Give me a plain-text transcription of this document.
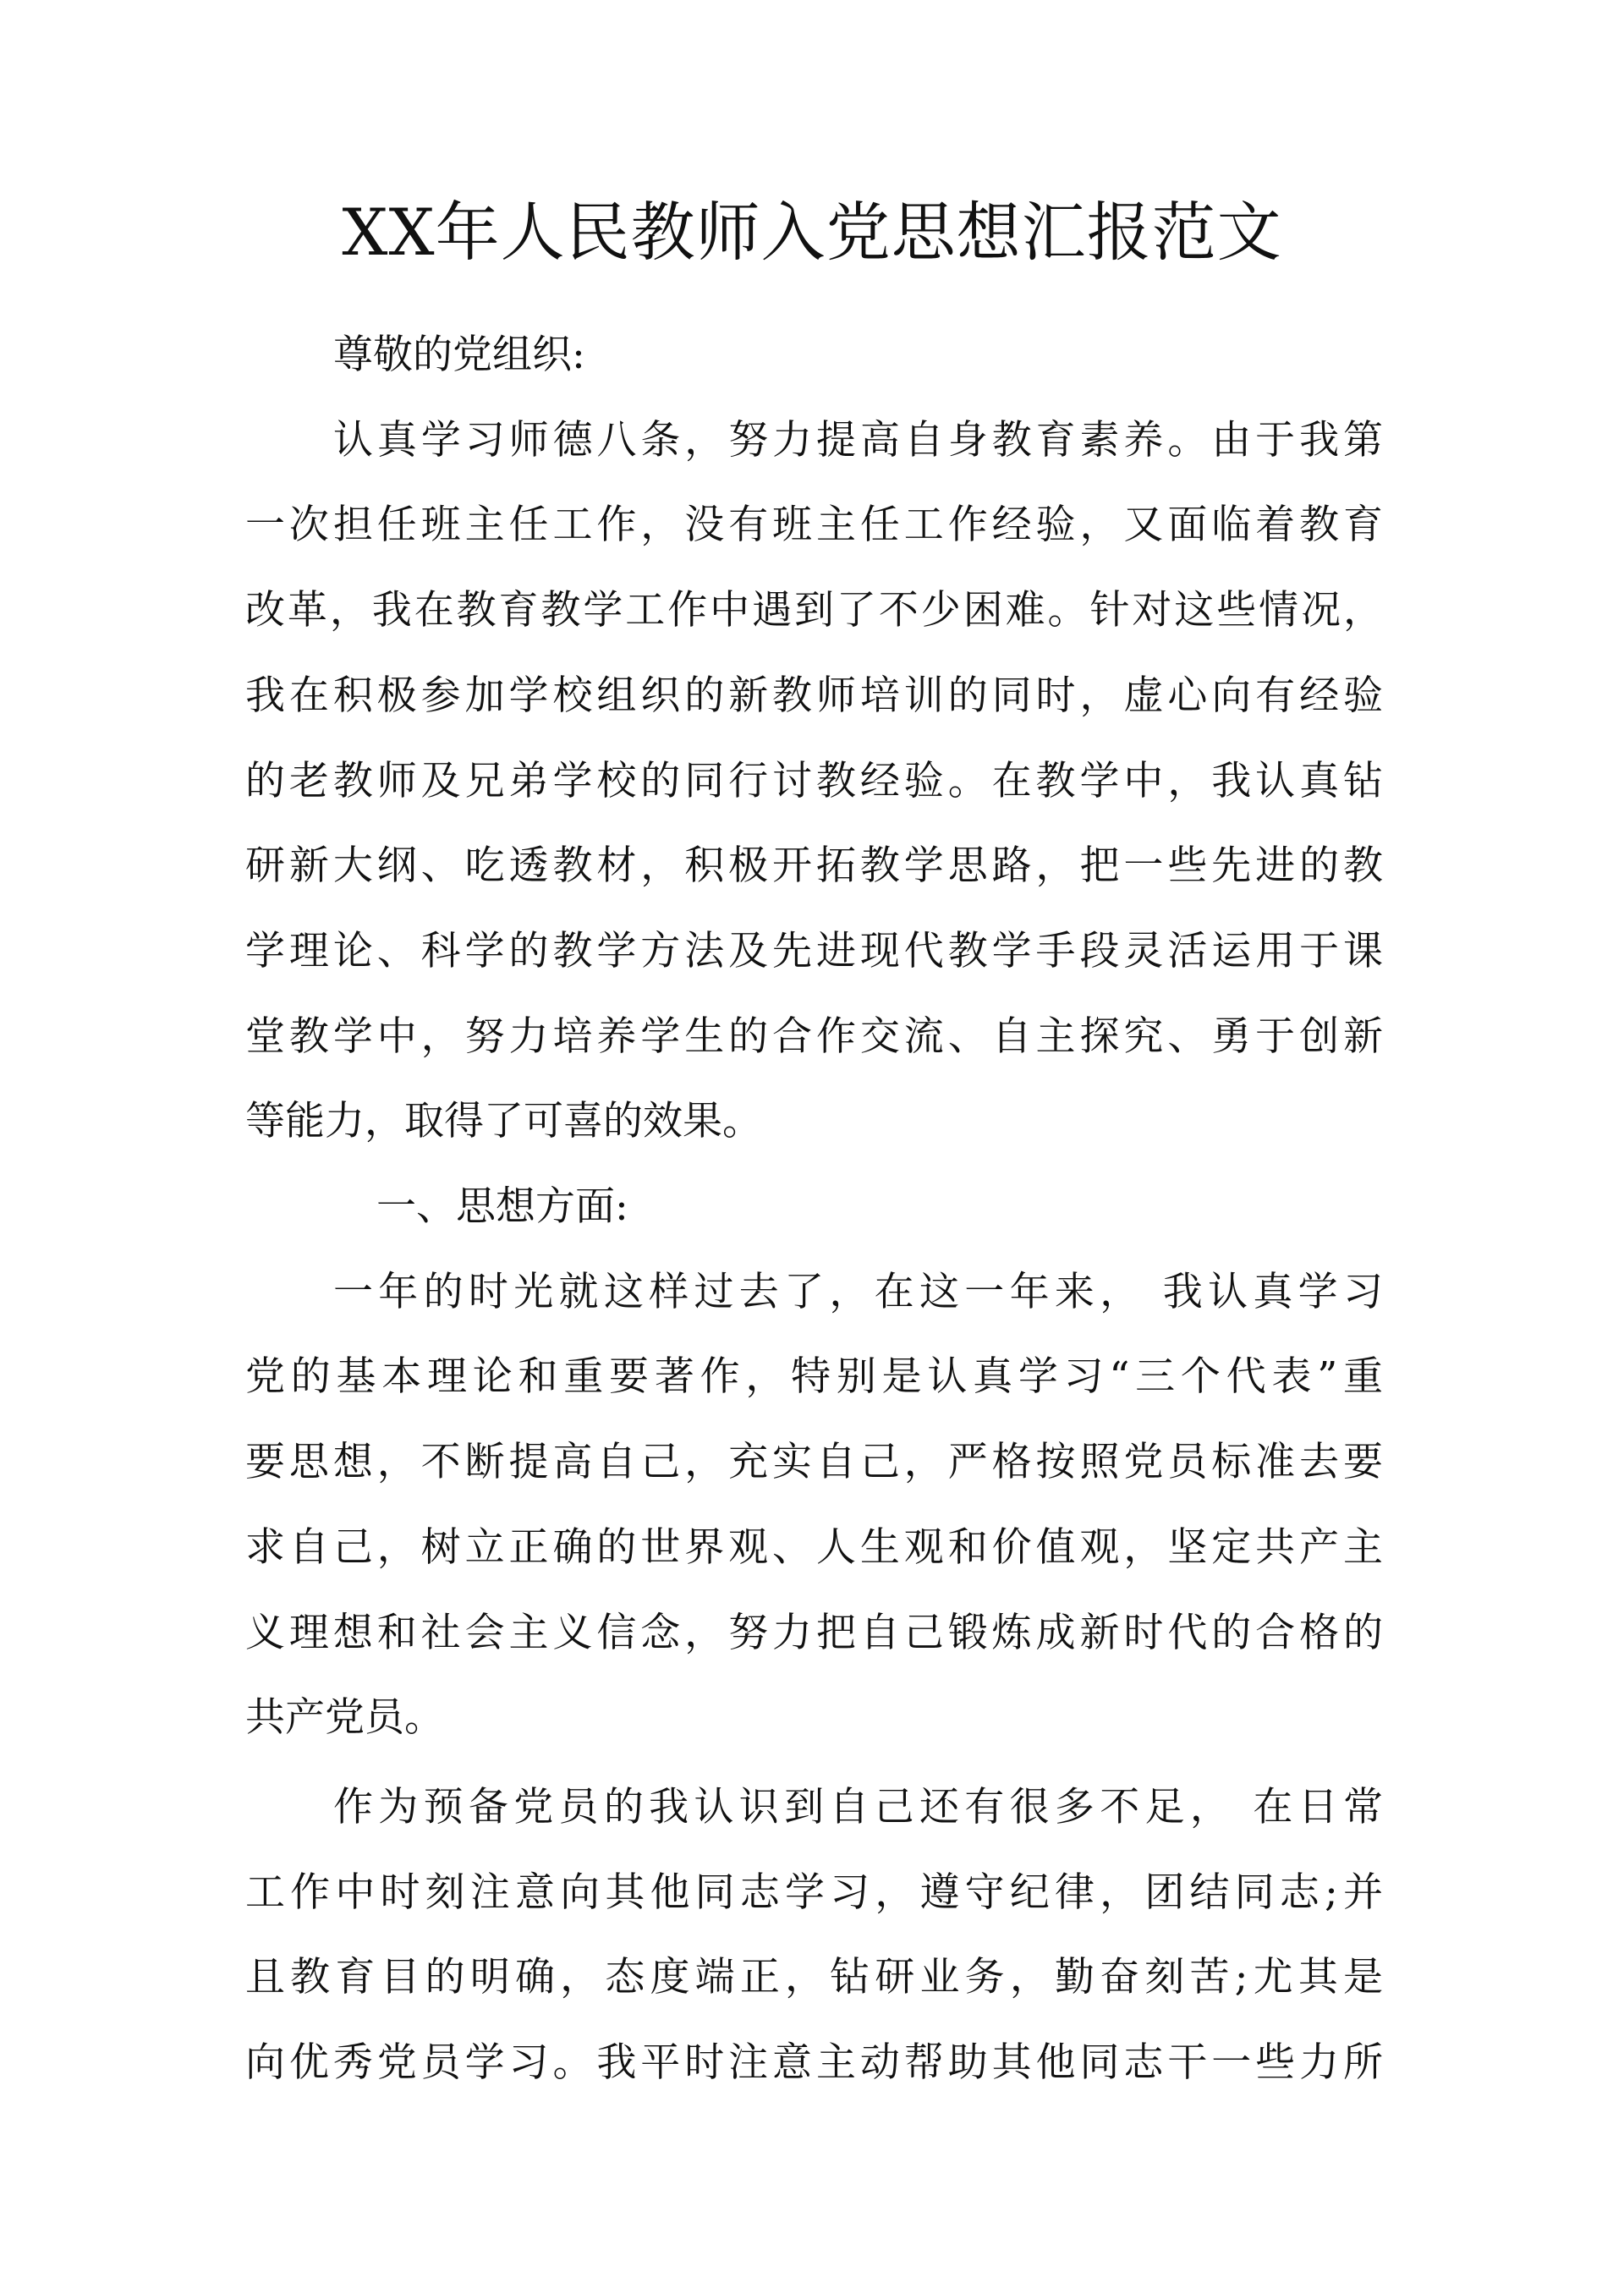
XX年人民教师入党思想汇报范文
尊敬的党组织:
认真学习师德八条，努力提高自身教育素养。由于我第
一次担任班主任工作，没有班主任工作经验，又面临着教育
改革，我在教育教学工作中遇到了不少困难。针对这些情况，
我在积极参加学校组织的新教师培训的同时，虚心向有经验
的老教师及兄弟学校的同行讨教经验。在教学中，我认真钻
研新大纲、吃透教材，积极开拓教学思路，把一些先进的教
学理论、科学的教学方法及先进现代教学手段灵活运用于课
堂教学中，努力培养学生的合作交流、自主探究、勇于创新
等能力，取得了可喜的效果。
一、思想方面:
一年的时光就这样过去了，在这一年来， 我认真学习
党的基本理论和重要著作，特别是认真学习“三个代表”重
要思想，不断提高自己，充实自己，严格按照党员标准去要
求自己，树立正确的世界观、人生观和价值观，坚定共产主
义理想和社会主义信念，努力把自己锻炼成新时代的合格的
共产党员。
作为预备党员的我认识到自己还有很多不足， 在日常
工作中时刻注意向其他同志学习，遵守纪律，团结同志;并
且教育目的明确，态度端正，钻研业务，勤奋刻苦;尤其是
向优秀党员学习。我平时注意主动帮助其他同志干一些力所
